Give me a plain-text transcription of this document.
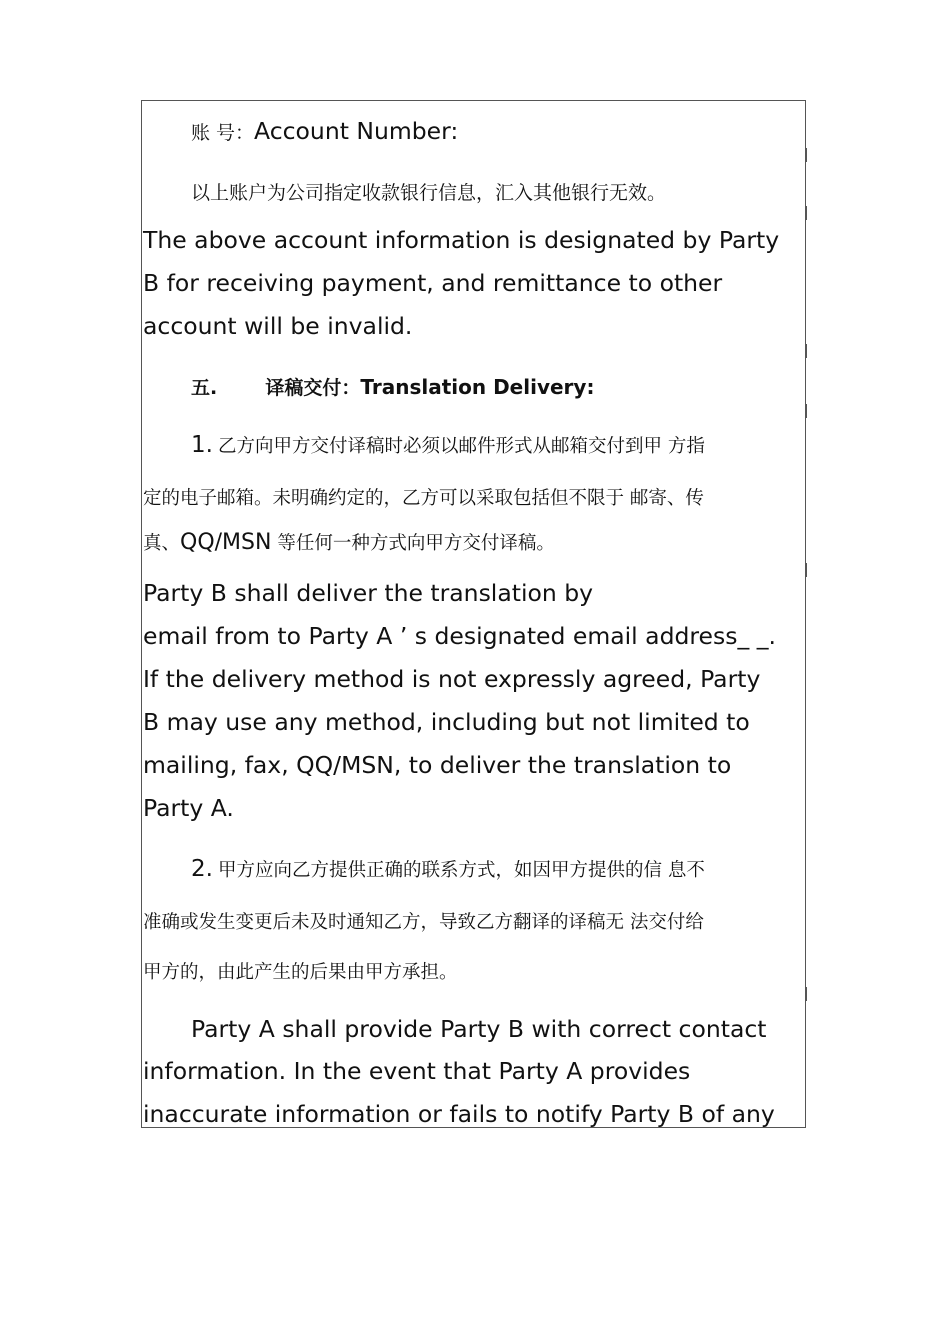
账 号：Account Number:
以上账户为公司指定收款银行信息，汇入其他银行无效。
The above account information is designated by Party
B for receiving payment, and remittance to other
account will be invalid.
五.	译稿交付：Translation Delivery:
1. 乙方向甲方交付译稿时必须以邮件形式从邮箱交付到甲 方指
定的电子邮箱。未明确约定的，乙方可以采取包括但不限于 邮寄、传
真、QQ/MSN 等任何一种方式向甲方交付译稿。
Party B shall deliver the translation by
email from to Party A ’ s designated email address_ _.
If the delivery method is not expressly agreed, Party
B may use any method, including but not limited to
mailing, fax, QQ/MSN, to deliver the translation to
Party A.
2. 甲方应向乙方提供正确的联系方式，如因甲方提供的信 息不
准确或发生变更后未及时通知乙方，导致乙方翻译的译稿无 法交付给
甲方的，由此产生的后果由甲方承担。
Party A shall provide Party B with correct contact
information. In the event that Party A provides
inaccurate information or fails to notify Party B of any
